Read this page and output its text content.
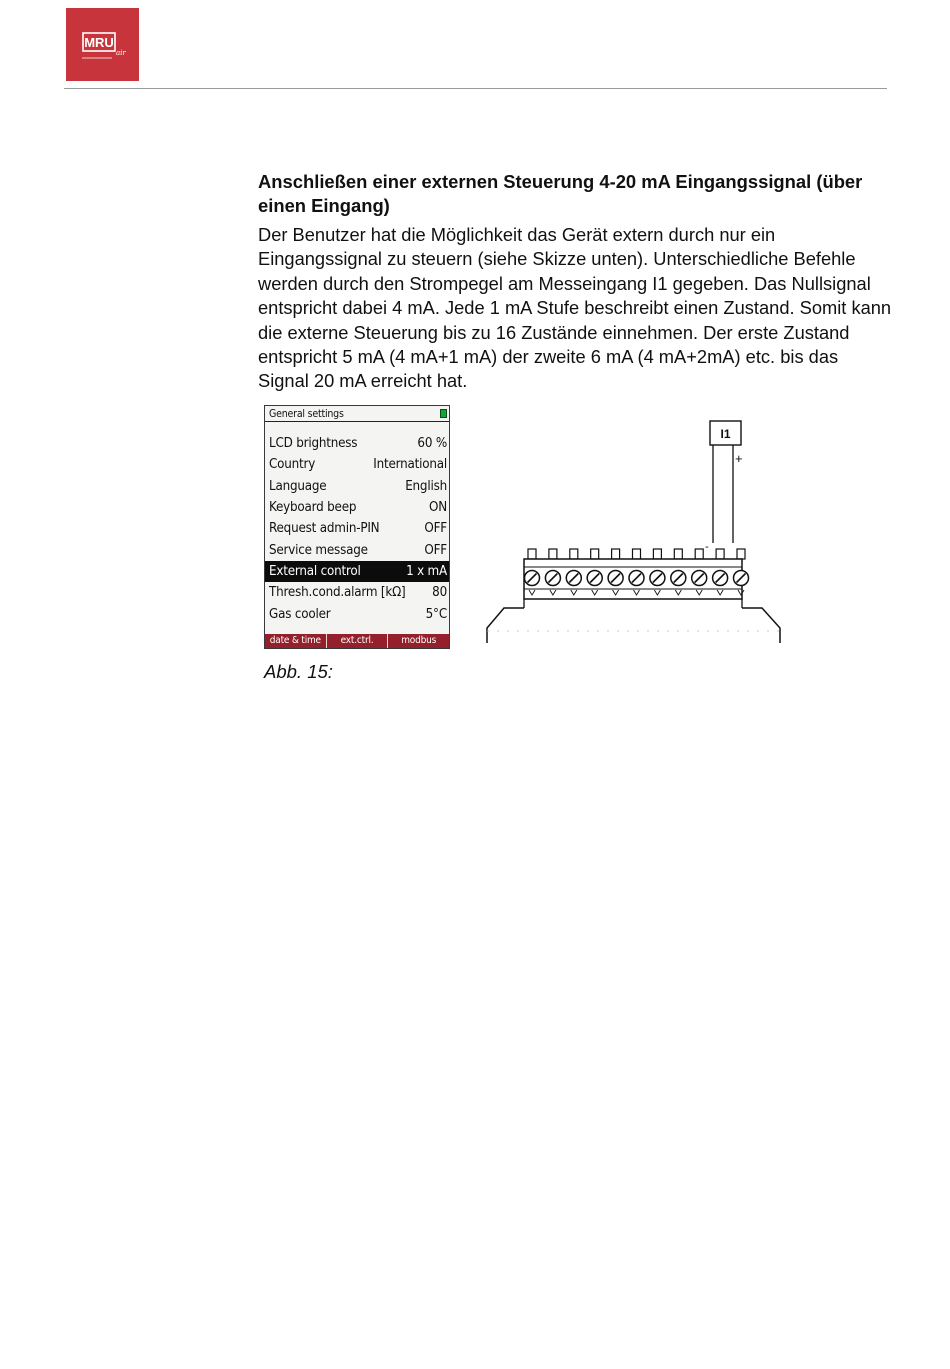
MRU
air
Anschließen einer externen Steuerung 4-20 mA Eingangssignal (über einen Eingang)

Der Benutzer hat die Möglichkeit das Gerät extern durch nur ein Eingangssignal zu steuern (siehe Skizze unten). Unterschiedliche Befehle werden durch den Strompegel am Messeingang I1 gegeben. Das Nullsignal entspricht dabei 4 mA. Jede 1 mA Stufe beschreibt einen Zustand. Somit kann die externe Steuerung bis zu 16 Zustände einnehmen. Der erste Zustand entspricht 5 mA (4 mA+1 mA) der zweite 6 mA (4 mA+2mA) etc. bis das Signal 20 mA erreicht hat.

General settings
LCD brightness	60 %
Country	International
Language	English
Keyboard beep	ON
Request admin-PIN	OFF
Service message	OFF
External control	1 x mA
Thresh.cond.alarm [kΩ] 80
Gas cooler	5°C
date & time	ext.ctrl.	modbus
I1
+
-

Abb. 15:
